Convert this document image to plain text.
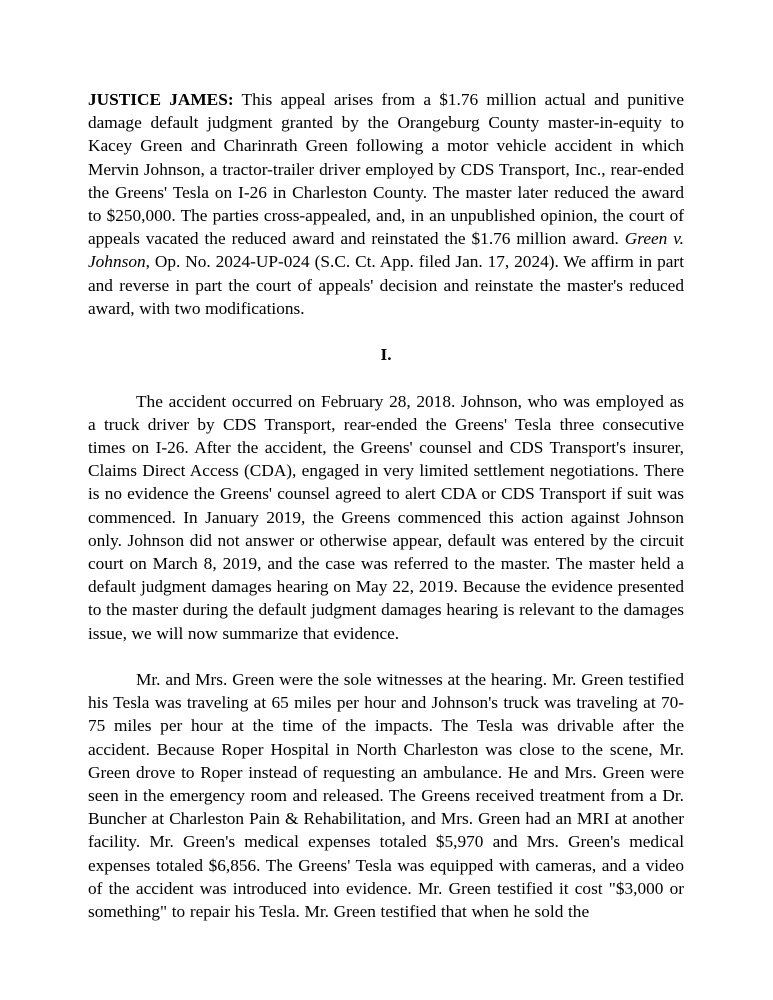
JUSTICE JAMES: This appeal arises from a $1.76 million actual and punitive damage default judgment granted by the Orangeburg County master-in-equity to Kacey Green and Charinrath Green following a motor vehicle accident in which Mervin Johnson, a tractor-trailer driver employed by CDS Transport, Inc., rear-ended the Greens' Tesla on I-26 in Charleston County. The master later reduced the award to $250,000. The parties cross-appealed, and, in an unpublished opinion, the court of appeals vacated the reduced award and reinstated the $1.76 million award. Green v. Johnson, Op. No. 2024-UP-024 (S.C. Ct. App. filed Jan. 17, 2024). We affirm in part and reverse in part the court of appeals' decision and reinstate the master's reduced award, with two modifications.

I.

The accident occurred on February 28, 2018. Johnson, who was employed as a truck driver by CDS Transport, rear-ended the Greens' Tesla three consecutive times on I-26. After the accident, the Greens' counsel and CDS Transport's insurer, Claims Direct Access (CDA), engaged in very limited settlement negotiations. There is no evidence the Greens' counsel agreed to alert CDA or CDS Transport if suit was commenced. In January 2019, the Greens commenced this action against Johnson only. Johnson did not answer or otherwise appear, default was entered by the circuit court on March 8, 2019, and the case was referred to the master. The master held a default judgment damages hearing on May 22, 2019. Because the evidence presented to the master during the default judgment damages hearing is relevant to the damages issue, we will now summarize that evidence.

Mr. and Mrs. Green were the sole witnesses at the hearing. Mr. Green testified his Tesla was traveling at 65 miles per hour and Johnson's truck was traveling at 70-75 miles per hour at the time of the impacts. The Tesla was drivable after the accident. Because Roper Hospital in North Charleston was close to the scene, Mr. Green drove to Roper instead of requesting an ambulance. He and Mrs. Green were seen in the emergency room and released. The Greens received treatment from a Dr. Buncher at Charleston Pain & Rehabilitation, and Mrs. Green had an MRI at another facility. Mr. Green's medical expenses totaled $5,970 and Mrs. Green's medical expenses totaled $6,856. The Greens' Tesla was equipped with cameras, and a video of the accident was introduced into evidence. Mr. Green testified it cost "$3,000 or something" to repair his Tesla. Mr. Green testified that when he sold the
